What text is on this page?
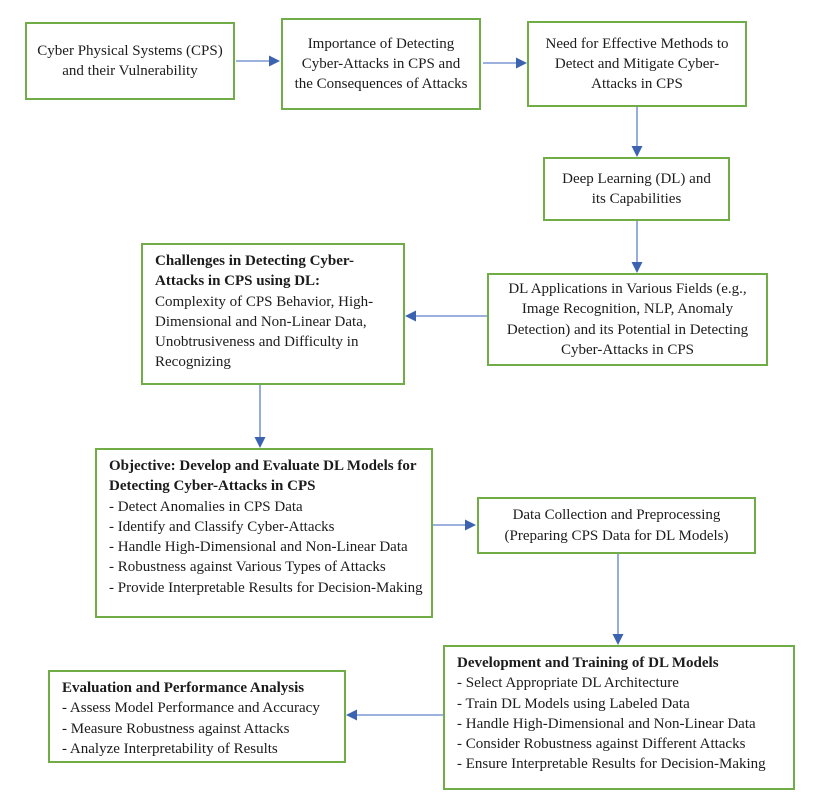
Cyber Physical Systems (CPS) and their Vulnerability
Importance of Detecting Cyber-Attacks in CPS and the Consequences of Attacks
Need for Effective Methods to Detect and Mitigate Cyber-Attacks in CPS
Deep Learning (DL) and its Capabilities
DL Applications in Various Fields (e.g., Image Recognition, NLP, Anomaly Detection) and its Potential in Detecting Cyber-Attacks in CPS
Challenges in Detecting Cyber-Attacks in CPS using DL:
Complexity of CPS Behavior, High-Dimensional and Non-Linear Data, Unobtrusiveness and Difficulty in Recognizing
Objective: Develop and Evaluate DL Models for Detecting Cyber-Attacks in CPS
- Detect Anomalies in CPS Data
- Identify and Classify Cyber-Attacks
- Handle High-Dimensional and Non-Linear Data
- Robustness against Various Types of Attacks
- Provide Interpretable Results for Decision-Making
Data Collection and Preprocessing (Preparing CPS Data for DL Models)
Development and Training of DL Models
- Select Appropriate DL Architecture
- Train DL Models using Labeled Data
- Handle High-Dimensional and Non-Linear Data
- Consider Robustness against Different Attacks
- Ensure Interpretable Results for Decision-Making
Evaluation and Performance Analysis
- Assess Model Performance and Accuracy
- Measure Robustness against Attacks
- Analyze Interpretability of Results
